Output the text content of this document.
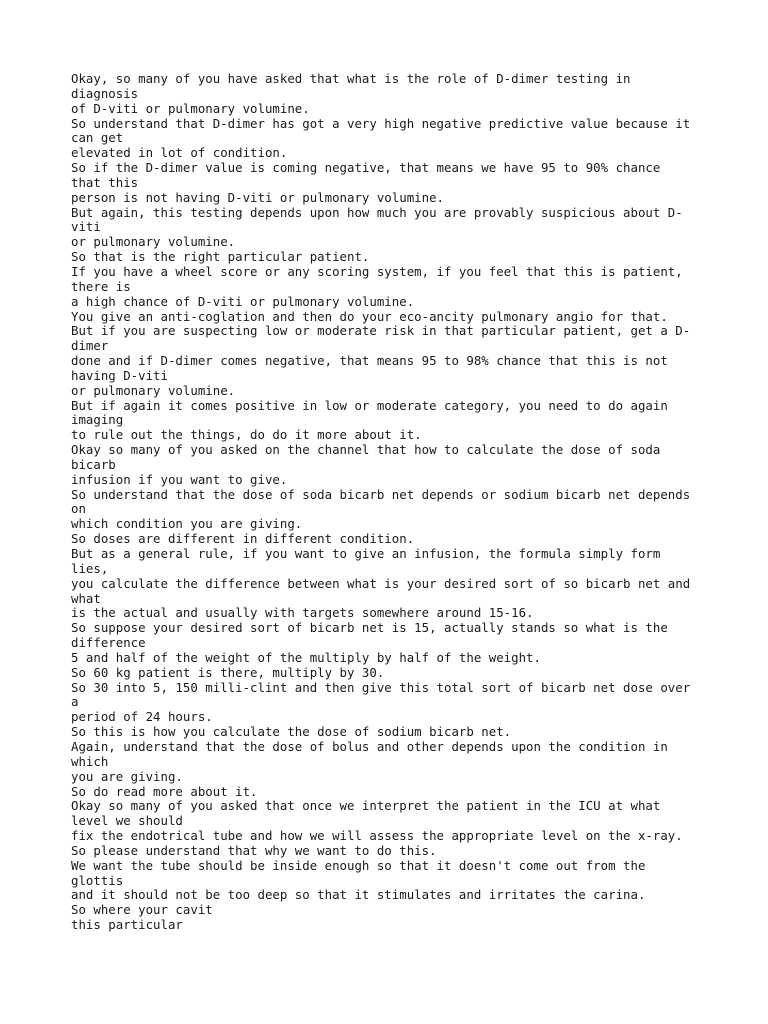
Okay, so many of you have asked that what is the role of D-dimer testing in
diagnosis
of D-viti or pulmonary volumine.
So understand that D-dimer has got a very high negative predictive value because it
can get
elevated in lot of condition.
So if the D-dimer value is coming negative, that means we have 95 to 90% chance
that this
person is not having D-viti or pulmonary volumine.
But again, this testing depends upon how much you are provably suspicious about D-
viti
or pulmonary volumine.
So that is the right particular patient.
If you have a wheel score or any scoring system, if you feel that this is patient,
there is
a high chance of D-viti or pulmonary volumine.
You give an anti-coglation and then do your eco-ancity pulmonary angio for that.
But if you are suspecting low or moderate risk in that particular patient, get a D-
dimer
done and if D-dimer comes negative, that means 95 to 98% chance that this is not
having D-viti
or pulmonary volumine.
But if again it comes positive in low or moderate category, you need to do again
imaging
to rule out the things, do do it more about it.
Okay so many of you asked on the channel that how to calculate the dose of soda
bicarb
infusion if you want to give.
So understand that the dose of soda bicarb net depends or sodium bicarb net depends
on
which condition you are giving.
So doses are different in different condition.
But as a general rule, if you want to give an infusion, the formula simply form
lies,
you calculate the difference between what is your desired sort of so bicarb net and
what
is the actual and usually with targets somewhere around 15-16.
So suppose your desired sort of bicarb net is 15, actually stands so what is the
difference
5 and half of the weight of the multiply by half of the weight.
So 60 kg patient is there, multiply by 30.
So 30 into 5, 150 milli-clint and then give this total sort of bicarb net dose over
a
period of 24 hours.
So this is how you calculate the dose of sodium bicarb net.
Again, understand that the dose of bolus and other depends upon the condition in
which
you are giving.
So do read more about it.
Okay so many of you asked that once we interpret the patient in the ICU at what
level we should
fix the endotrical tube and how we will assess the appropriate level on the x-ray.
So please understand that why we want to do this.
We want the tube should be inside enough so that it doesn't come out from the
glottis
and it should not be too deep so that it stimulates and irritates the carina.
So where your cavit
this particular
